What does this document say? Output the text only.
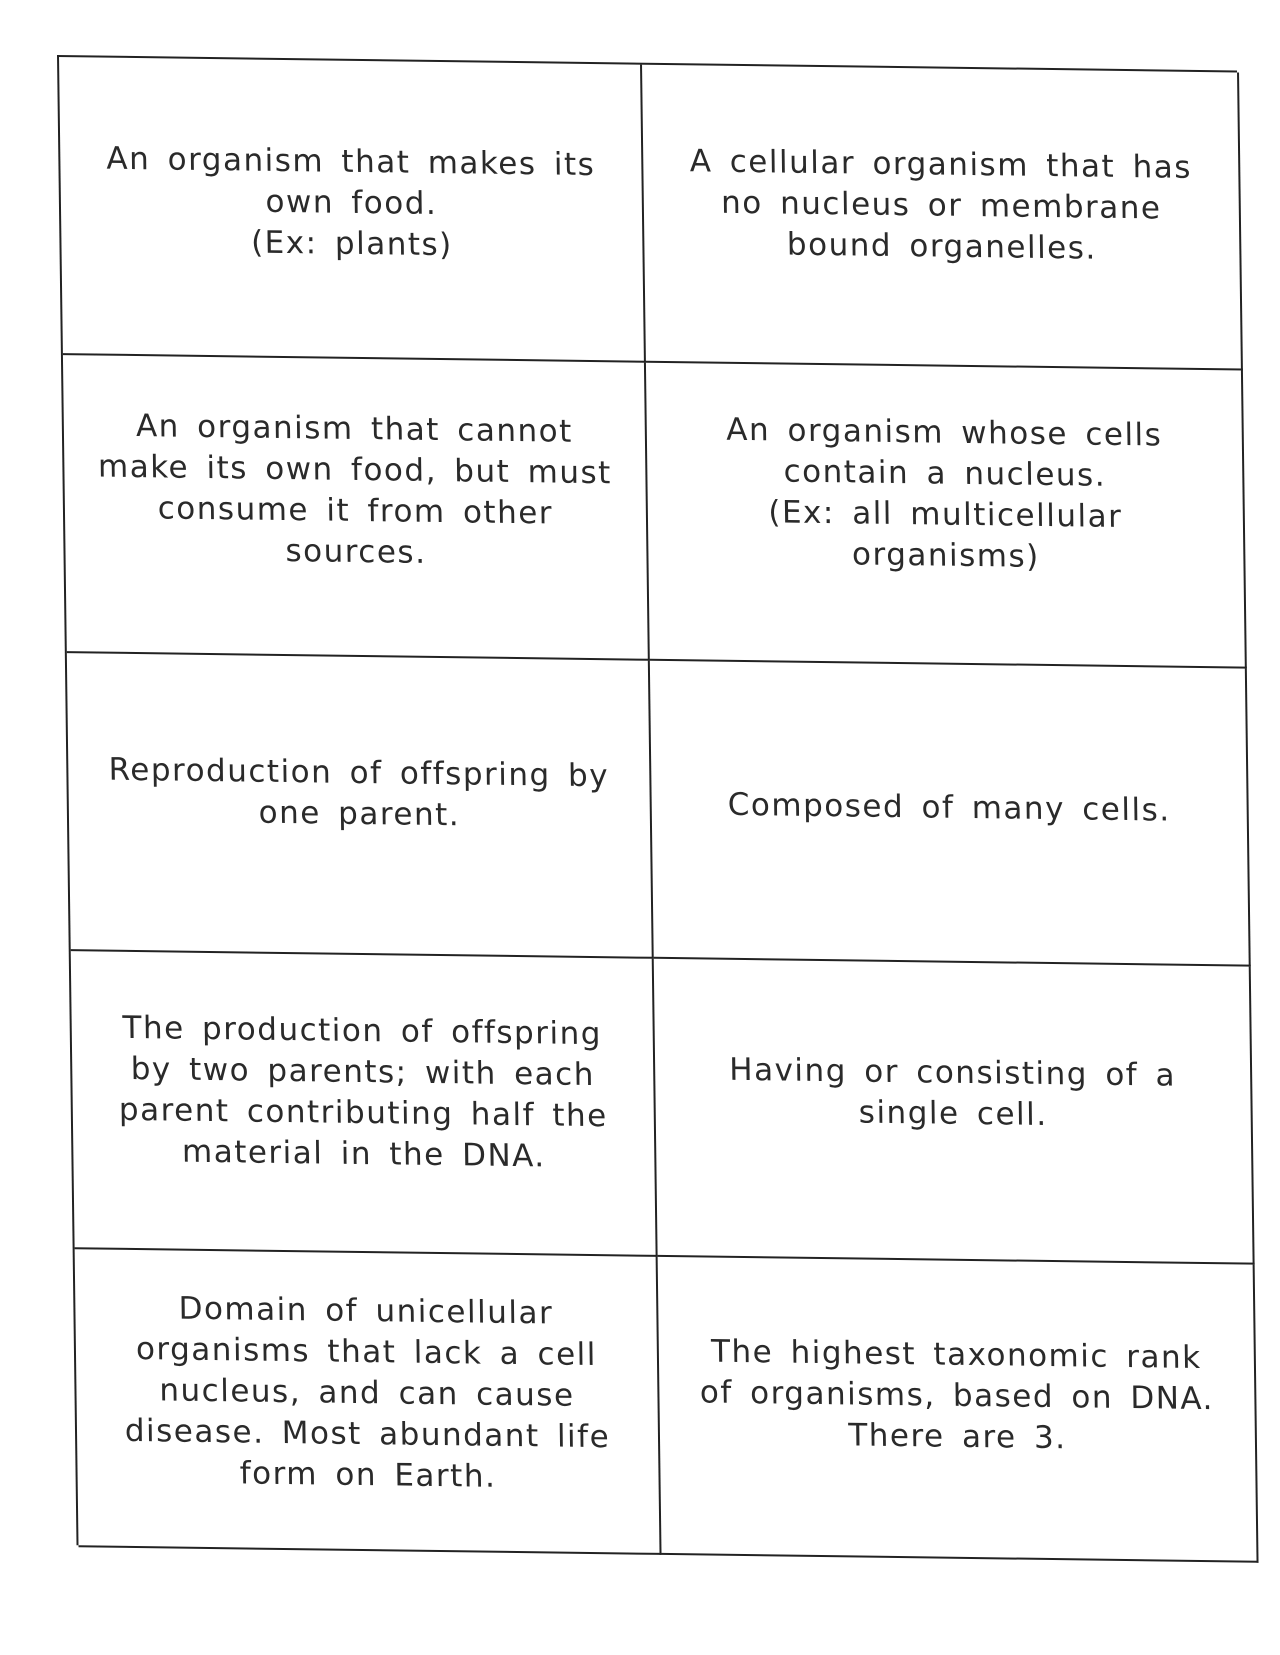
An organism that makes its
own food.
(Ex: plants)
A cellular organism that has
no nucleus or membrane
bound organelles.
An organism that cannot
make its own food, but must
consume it from other
sources.
An organism whose cells
contain a nucleus.
(Ex: all multicellular
organisms)
Reproduction of offspring by
one parent.	Composed of many cells.
The production of offspring
by two parents; with each
parent contributing half the
material in the DNA.
Having or consisting of a
single cell.
Domain of unicellular
organisms that lack a cell
nucleus, and can cause
disease. Most abundant life
form on Earth.
The highest taxonomic rank
of organisms, based on DNA.
There are 3.
